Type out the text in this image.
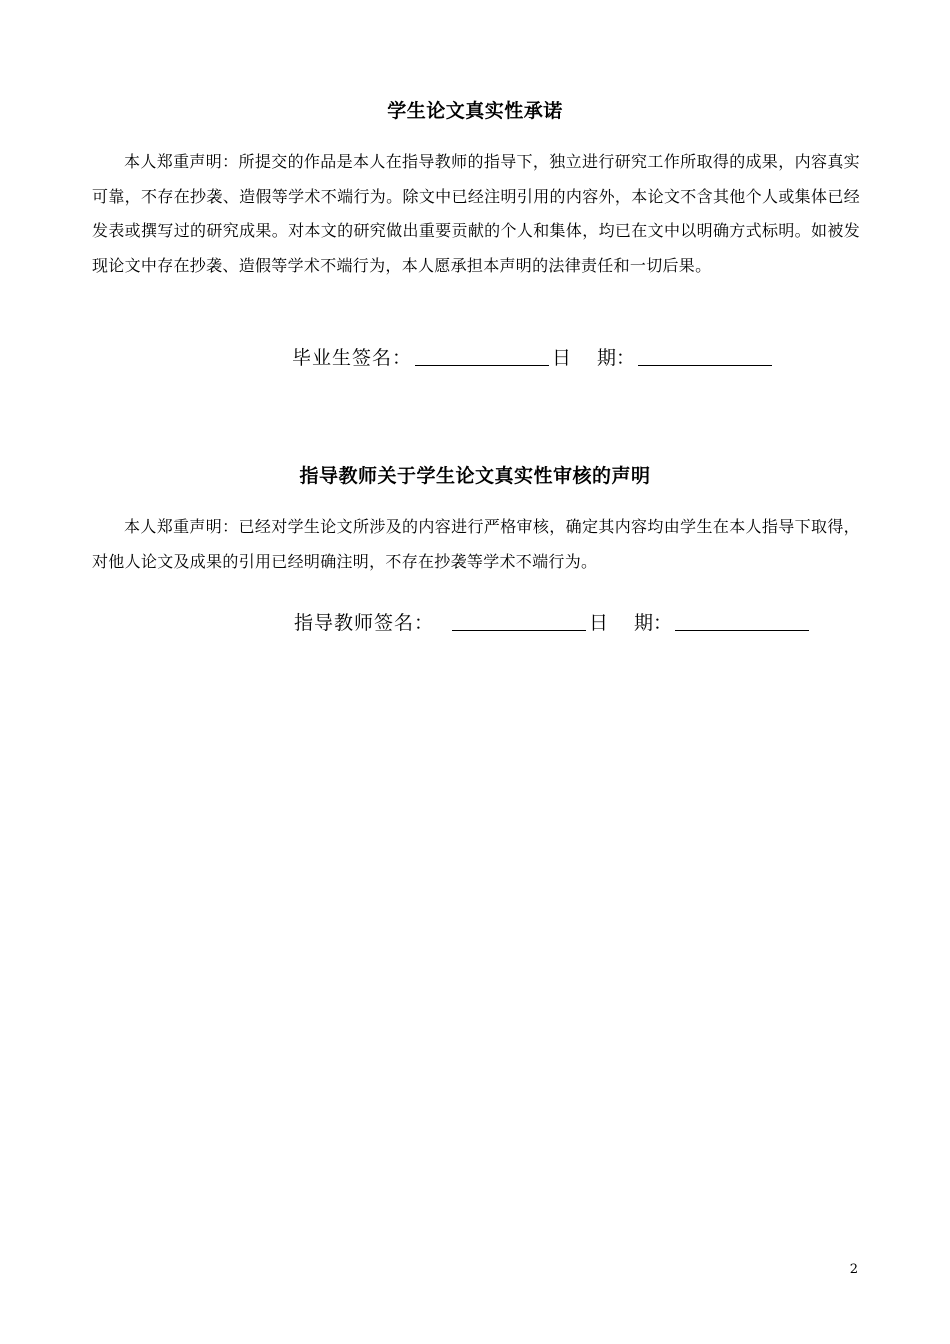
学生论文真实性承诺
本人郑重声明：所提交的作品是本人在指导教师的指导下，独立进行研究工作所取得的成果，内容真实可靠，不存在抄袭、造假等学术不端行为。除文中已经注明引用的内容外，本论文不含其他个人或集体已经发表或撰写过的研究成果。对本文的研究做出重要贡献的个人和集体，均已在文中以明确方式标明。如被发现论文中存在抄袭、造假等学术不端行为，本人愿承担本声明的法律责任和一切后果。
毕业生签名：	日 期：
指导教师关于学生论文真实性审核的声明
本人郑重声明：已经对学生论文所涉及的内容进行严格审核，确定其内容均由学生在本人指导下取得，对他人论文及成果的引用已经明确注明，不存在抄袭等学术不端行为。
指导教师签名：	日 期：
2
